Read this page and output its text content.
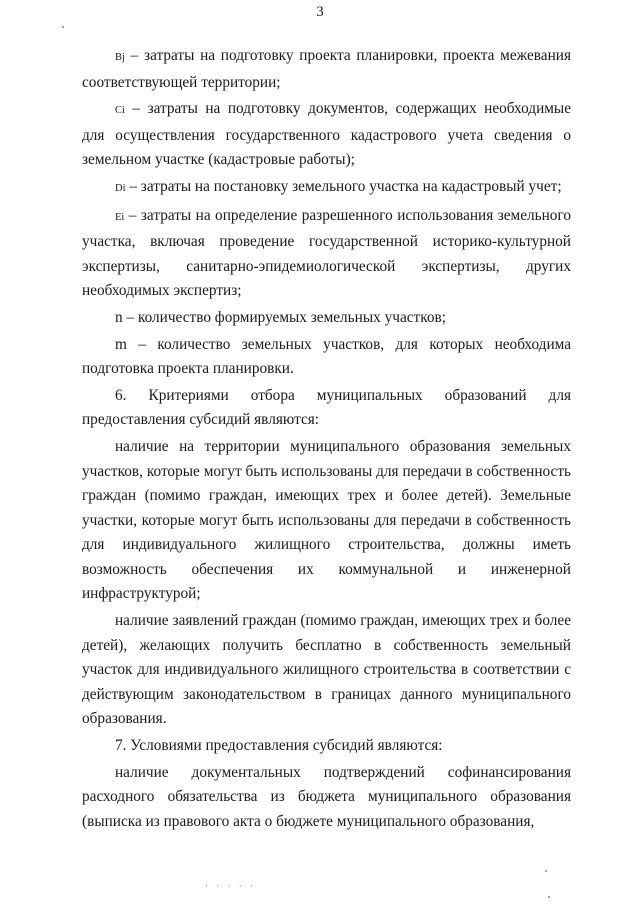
3

Bj – затраты на подготовку проекта планировки, проекта межевания соответствующей территории;

Ci – затраты на подготовку документов, содержащих необходимые для осуществления государственного кадастрового учета сведения о земельном участке (кадастровые работы);

Di – затраты на постановку земельного участка на кадастровый учет;

Ei – затраты на определение разрешенного использования земельного участка, включая проведение государственной историко-культурной экспертизы, санитарно-эпидемиологической экспертизы, других необходимых экспертиз;

n – количество формируемых земельных участков;

m – количество земельных участков, для которых необходима подготовка проекта планировки.

6. Критериями отбора муниципальных образований для предоставления субсидий являются:

наличие на территории муниципального образования земельных участков, которые могут быть использованы для передачи в собственность граждан (помимо граждан, имеющих трех и более детей). Земельные участки, которые могут быть использованы для передачи в собственность для индивидуального жилищного строительства, должны иметь возможность обеспечения их коммунальной и инженерной инфраструктурой;

наличие заявлений граждан (помимо граждан, имеющих трех и более детей), желающих получить бесплатно в собственность земельный участок для индивидуального жилищного строительства в соответствии с действующим законодательством в границах данного муниципального образования.

7. Условиями предоставления субсидий являются:

наличие документальных подтверждений софинансирования расходного обязательства из бюджета муниципального образования (выписка из правового акта о бюджете муниципального образования,

· · · · ·
